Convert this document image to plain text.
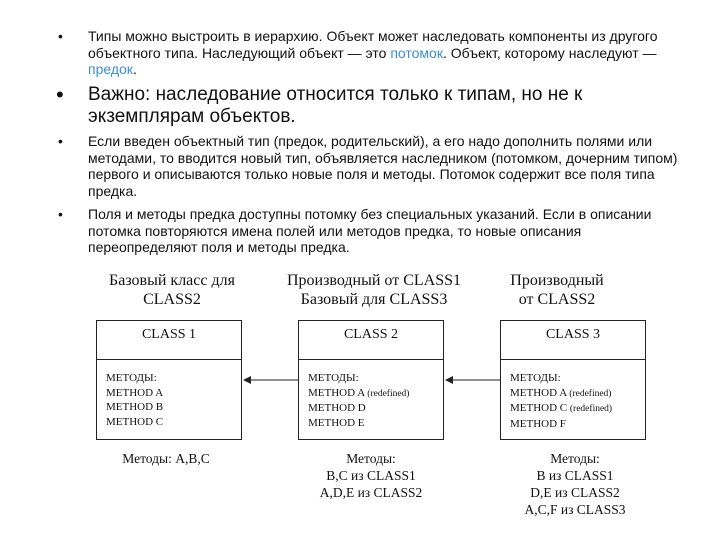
• Типы можно выстроить в иерархию. Объект может наследовать компоненты из другого объектного типа. Наследующий объект — это потомок. Объект, которому наследуют — предок.
• Важно: наследование относится только к типам, но не к экземплярам объектов.
• Если введен объектный тип (предок, родительский), а его надо дополнить полями или методами, то вводится новый тип, объявляется наследником (потомком, дочерним типом) первого и описываются только новые поля и методы. Потомок содержит все поля типа предка.
• Поля и методы предка доступны потомку без специальных указаний. Если в описании потомка повторяются имена полей или методов предка, то новые описания переопределяют поля и методы предка.
Базовый класс для
CLASS2
Производный от CLASS1
Базовый для CLASS3
Производный
от CLASS2
CLASS 1
МЕТОДЫ:
METHOD A
METHOD B
METHOD C
CLASS 2
МЕТОДЫ:
METHOD A (redefined)
METHOD D
METHOD E
CLASS 3
МЕТОДЫ:
METHOD A (redefined)
METHOD C (redefined)
METHOD F
Методы: A,B,C	Методы:
B,C из CLASS1
A,D,E из CLASS2
Методы:
B из CLASS1
D,E из CLASS2
A,C,F из CLASS3
